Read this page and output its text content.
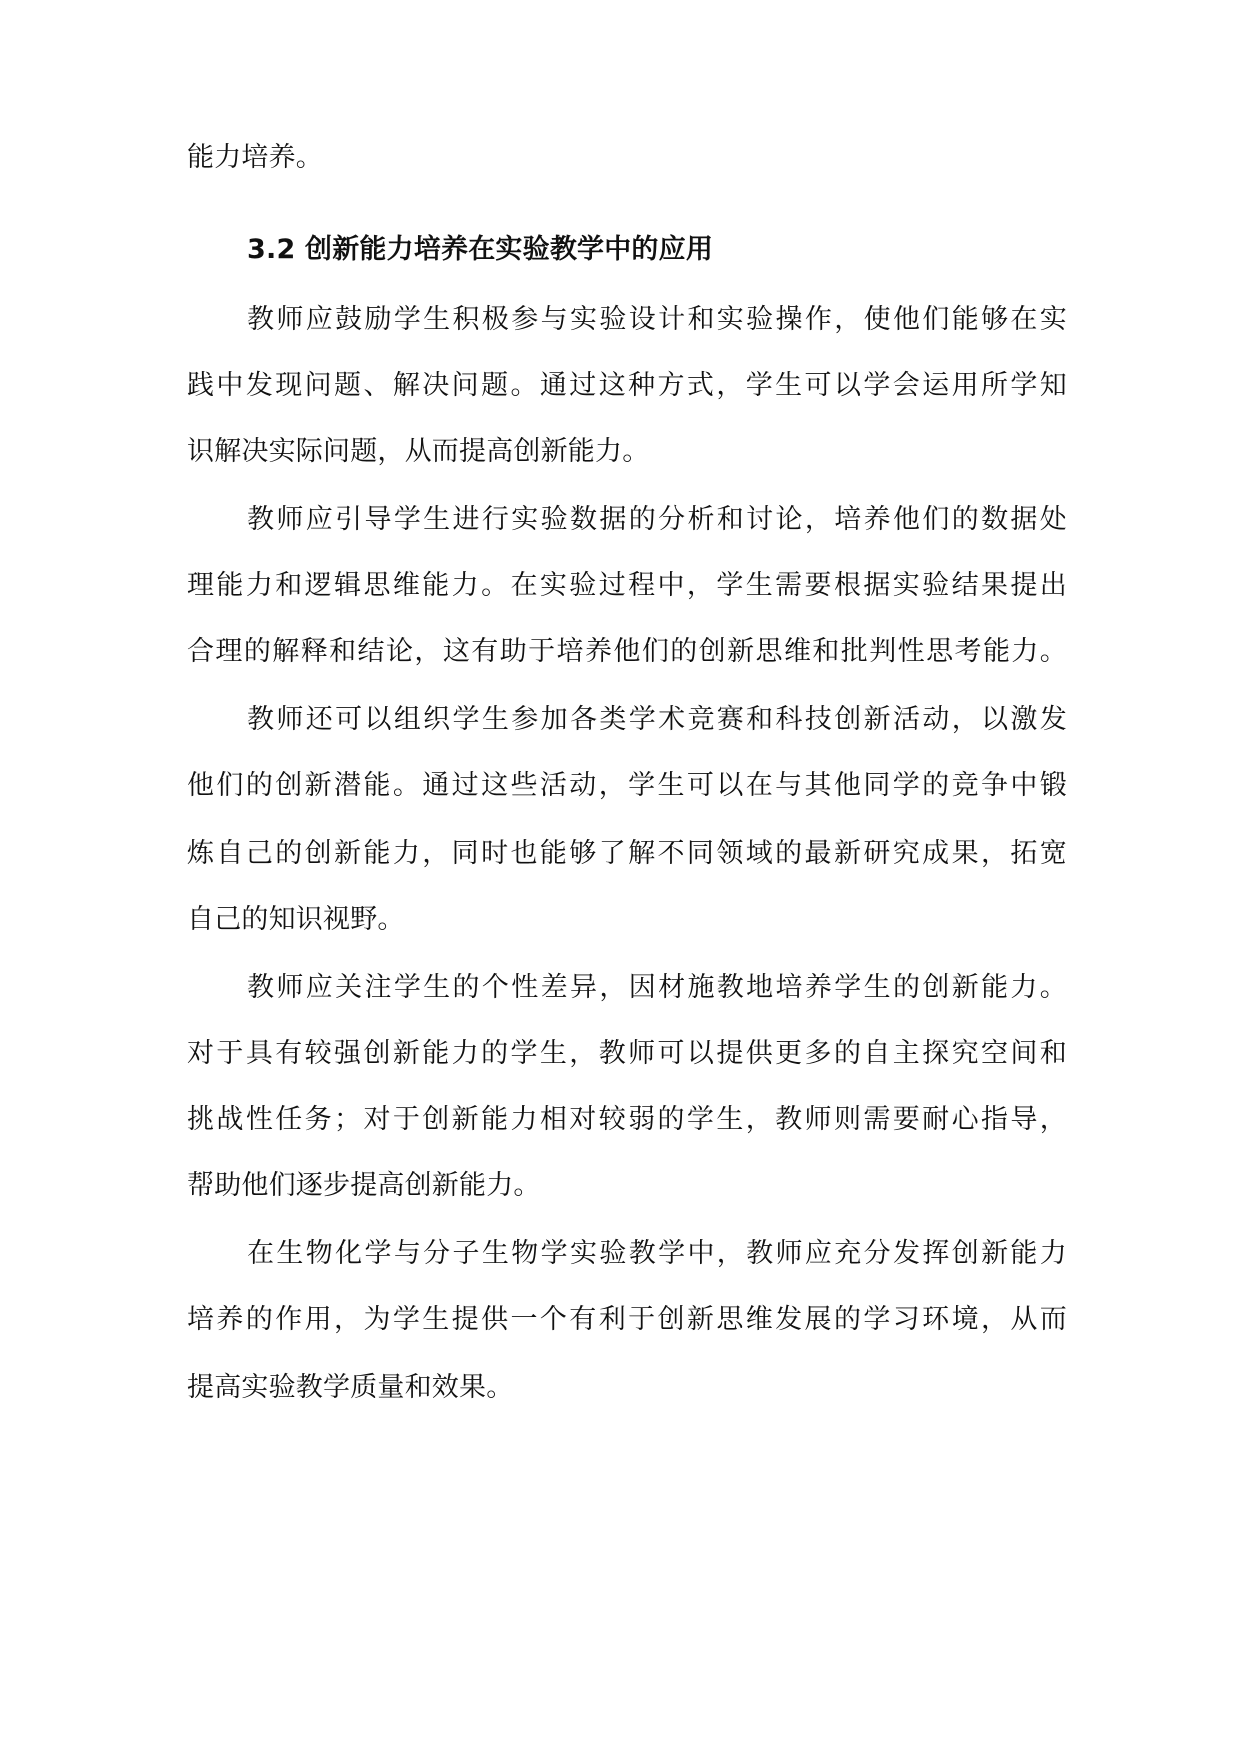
能力培养。
3.2 创新能力培养在实验教学中的应用
教师应鼓励学生积极参与实验设计和实验操作，使他们能够在实
践中发现问题、解决问题。通过这种方式，学生可以学会运用所学知
识解决实际问题，从而提高创新能力。
教师应引导学生进行实验数据的分析和讨论，培养他们的数据处
理能力和逻辑思维能力。在实验过程中，学生需要根据实验结果提出
合理的解释和结论，这有助于培养他们的创新思维和批判性思考能力。
教师还可以组织学生参加各类学术竞赛和科技创新活动，以激发
他们的创新潜能。通过这些活动，学生可以在与其他同学的竞争中锻
炼自己的创新能力，同时也能够了解不同领域的最新研究成果，拓宽
自己的知识视野。
教师应关注学生的个性差异，因材施教地培养学生的创新能力。
对于具有较强创新能力的学生，教师可以提供更多的自主探究空间和
挑战性任务；对于创新能力相对较弱的学生，教师则需要耐心指导，
帮助他们逐步提高创新能力。
在生物化学与分子生物学实验教学中，教师应充分发挥创新能力
培养的作用，为学生提供一个有利于创新思维发展的学习环境，从而
提高实验教学质量和效果。
